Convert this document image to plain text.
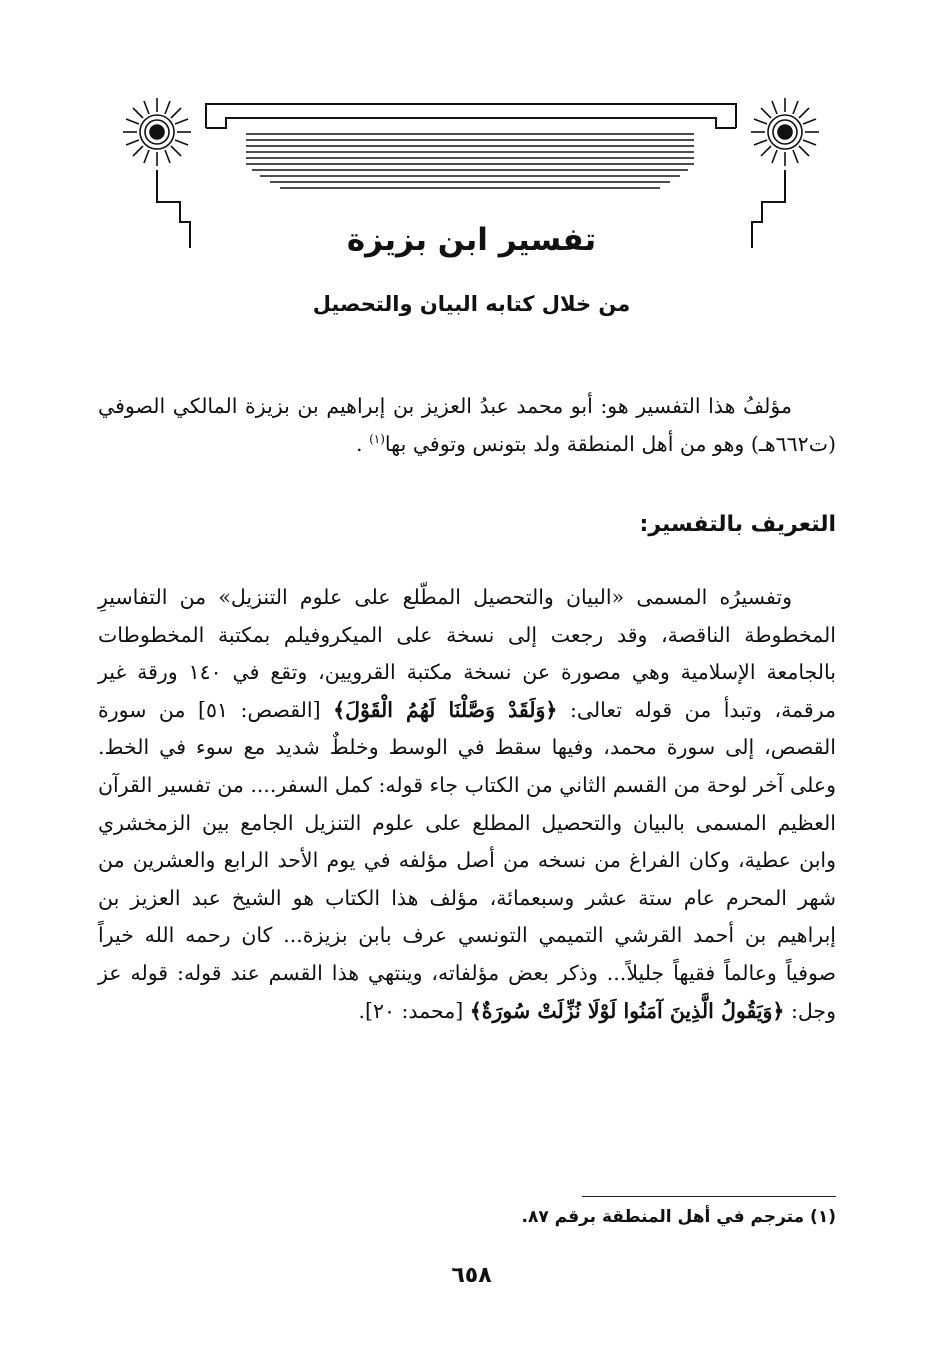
تفسير ابن بزيزة
من خلال كتابه البيان والتحصيل
مؤلفُ هذا التفسير هو: أبو محمد عبدُ العزيز بن إبراهيم بن بزيزة المالكي الصوفي (ت٦٦٢هـ) وهو من أهل المنطقة ولد بتونس وتوفي بها$^{(١)}$ .
التعريف بالتفسير:
وتفسيرُه المسمى «البيان والتحصيل المطّلع على علوم التنزيل» من التفاسيرِ المخطوطة الناقصة، وقد رجعت إلى نسخة على الميكروفيلم بمكتبة المخطوطات بالجامعة الإسلامية وهي مصورة عن نسخة مكتبة القرويين، وتقع في ١٤٠ ورقة غير مرقمة، وتبدأ من قوله تعالى: ﴿وَلَقَدْ وَصَّلْنَا لَهُمُ الْقَوْلَ﴾ [القصص: ٥١] من سورة القصص، إلى سورة محمد، وفيها سقط في الوسط وخلطٌ شديد مع سوء في الخط. وعلى آخر لوحة من القسم الثاني من الكتاب جاء قوله: كمل السفر.... من تفسير القرآن العظيم المسمى بالبيان والتحصيل المطلع على علوم التنزيل الجامع بين الزمخشري وابن عطية، وكان الفراغ من نسخه من أصل مؤلفه في يوم الأحد الرابع والعشرين من شهر المحرم عام ستة عشر وسبعمائة، مؤلف هذا الكتاب هو الشيخ عبد العزيز بن إبراهيم بن أحمد القرشي التميمي التونسي عرف بابن بزيزة... كان رحمه الله خيراً صوفياً وعالماً فقيهاً جليلاً... وذكر بعض مؤلفاته، وينتهي هذا القسم عند قوله: قوله عز وجل: ﴿وَيَقُولُ الَّذِينَ آمَنُوا لَوْلَا نُزِّلَتْ سُورَةٌ﴾ [محمد: ٢٠].
(١) مترجم في أهل المنطقة برقم ٨٧.
٦٥٨
